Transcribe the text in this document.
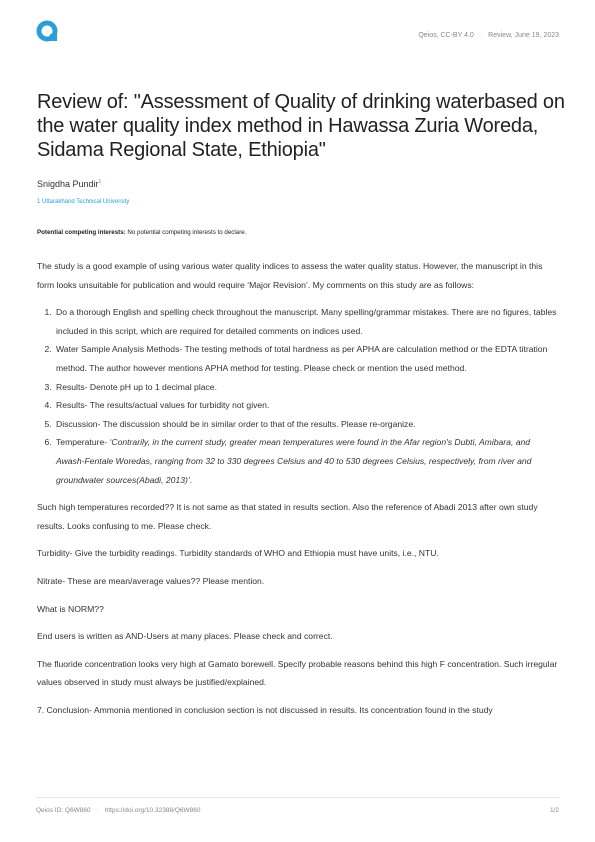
Qeios, CC-BY 4.0 · Review, June 19, 2023
Review of: "Assessment of Quality of drinking waterbased on the water quality index method in Hawassa Zuria Woreda, Sidama Regional State, Ethiopia"
Snigdha Pundir$^1$
1 Uttarakhand Technical University
Potential competing interests: No potential competing interests to declare.

The study is a good example of using various water quality indices to assess the water quality status. However, the manuscript in this form looks unsuitable for publication and would require ‘Major Revision’. My comments on this study are as follows:

1. Do a thorough English and spelling check throughout the manuscript. Many spelling/grammar mistakes. There are no figures, tables included in this script, which are required for detailed comments on indices used.
2. Water Sample Analysis Methods- The testing methods of total hardness as per APHA are calculation method or the EDTA titration method. The author however mentions APHA method for testing. Please check or mention the used method.
3. Results- Denote pH up to 1 decimal place.
4. Results- The results/actual values for turbidity not given.
5. Discussion- The discussion should be in similar order to that of the results. Please re-organize.
6. Temperature- ‘Contrarily, in the current study, greater mean temperatures were found in the Afar region's Dubti, Amibara, and Awash-Fentale Woredas, ranging from 32 to 330 degrees Celsius and 40 to 530 degrees Celsius, respectively, from river and groundwater sources(Abadi, 2013)’.

Such high temperatures recorded?? It is not same as that stated in results section. Also the reference of Abadi 2013 after own study results. Looks confusing to me. Please check.

Turbidity- Give the turbidity readings. Turbidity standards of WHO and Ethiopia must have units, i.e., NTU.

Nitrate- These are mean/average values?? Please mention.

What is NORM??

End users is written as AND-Users at many places. Please check and correct.

The fluoride concentration looks very high at Gamato borewell. Specify probable reasons behind this high F concentration. Such irregular values observed in study must always be justified/explained.

7. Conclusion- Ammonia mentioned in conclusion section is not discussed in results. Its concentration found in the study

Qeios ID: Q6W860 · https://doi.org/10.32388/Q6W860	1/2
